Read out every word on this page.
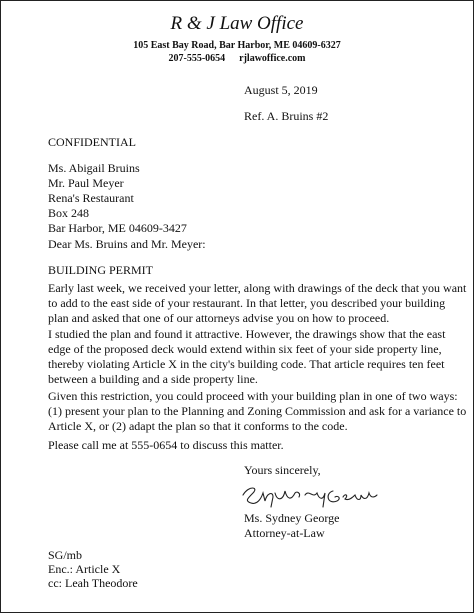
R & J Law Office
105 East Bay Road, Bar Harbor, ME 04609-6327
207-555-0654 rjlawoffice.com
August 5, 2019
Ref. A. Bruins #2
CONFIDENTIAL
Ms. Abigail Bruins
Mr. Paul Meyer
Rena's Restaurant
Box 248
Bar Harbor, ME 04609-3427
Dear Ms. Bruins and Mr. Meyer:
BUILDING PERMIT

Early last week, we received your letter, along with drawings of the deck that you want to add to the east side of your restaurant. In that letter, you described your building plan and asked that one of our attorneys advise you on how to proceed.

I studied the plan and found it attractive. However, the drawings show that the east edge of the proposed deck would extend within six feet of your side property line, thereby violating Article X in the city's building code. That article requires ten feet between a building and a side property line.

Given this restriction, you could proceed with your building plan in one of two ways: (1) present your plan to the Planning and Zoning Commission and ask for a variance to Article X, or (2) adapt the plan so that it conforms to the code.

Please call me at 555-0654 to discuss this matter.

Yours sincerely,
Ms. Sydney George
Attorney-at-Law
SG/mb
Enc.: Article X
cc: Leah Theodore
